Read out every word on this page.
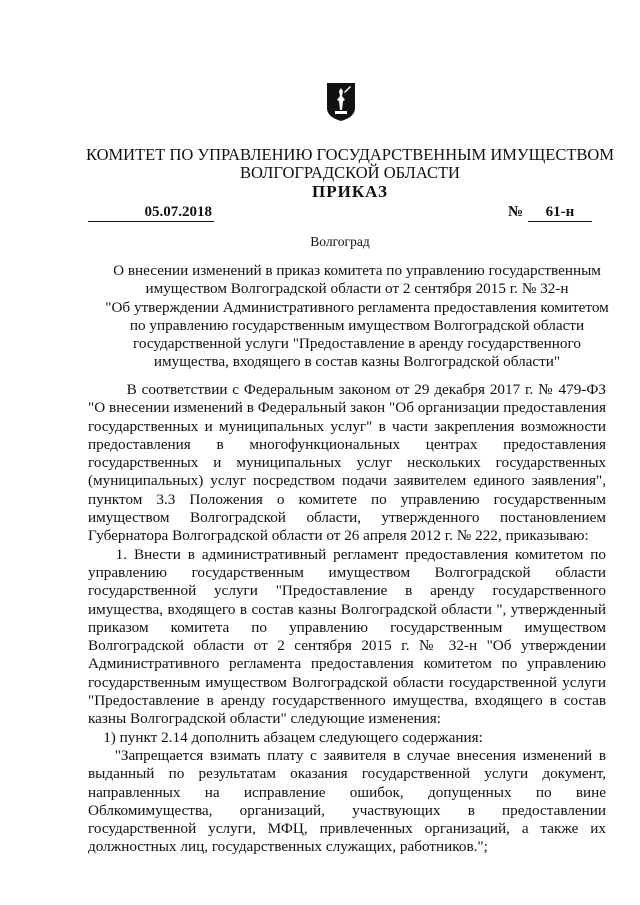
КОМИТЕТ ПО УПРАВЛЕНИЮ ГОСУДАРСТВЕННЫМ ИМУЩЕСТВОМ
ВОЛГОГРАДСКОЙ ОБЛАСТИ
ПРИКАЗ
05.07.2018	№	61-н
Волгоград
О внесении изменений в приказ комитета по управлению государственным
имуществом Волгоградской области от 2 сентября 2015 г. № 32-н
"Об утверждении Административного регламента предоставления комитетом
по управлению государственным имуществом Волгоградской области
государственной услуги "Предоставление в аренду государственного
имущества, входящего в состав казны Волгоградской области"
В соответствии с Федеральным законом от 29 декабря 2017 г. № 479-ФЗ
"О внесении изменений в Федеральный закон "Об организации предоставления
государственных и муниципальных услуг" в части закрепления возможности
предоставления в многофункциональных центрах предоставления
государственных и муниципальных услуг нескольких государственных
(муниципальных) услуг посредством подачи заявителем единого заявления",
пунктом 3.3 Положения о комитете по управлению государственным
имуществом Волгоградской области, утвержденного постановлением
Губернатора Волгоградской области от 26 апреля 2012 г. № 222, приказываю:
1. Внести в административный регламент предоставления комитетом по
управлению государственным имуществом Волгоградской области
государственной услуги "Предоставление в аренду государственного
имущества, входящего в состав казны Волгоградской области ", утвержденный
приказом комитета по управлению государственным имуществом
Волгоградской области от 2 сентября 2015 г. № 32-н "Об утверждении
Административного регламента предоставления комитетом по управлению
государственным имуществом Волгоградской области государственной услуги
"Предоставление в аренду государственного имущества, входящего в состав
казны Волгоградской области" следующие изменения:
1) пункт 2.14 дополнить абзацем следующего содержания:
"Запрещается взимать плату с заявителя в случае внесения изменений в
выданный по результатам оказания государственной услуги документ,
направленных на исправление ошибок, допущенных по вине
Облкомимущества, организаций, участвующих в предоставлении
государственной услуги, МФЦ, привлеченных организаций, а также их
должностных лиц, государственных служащих, работников.";
